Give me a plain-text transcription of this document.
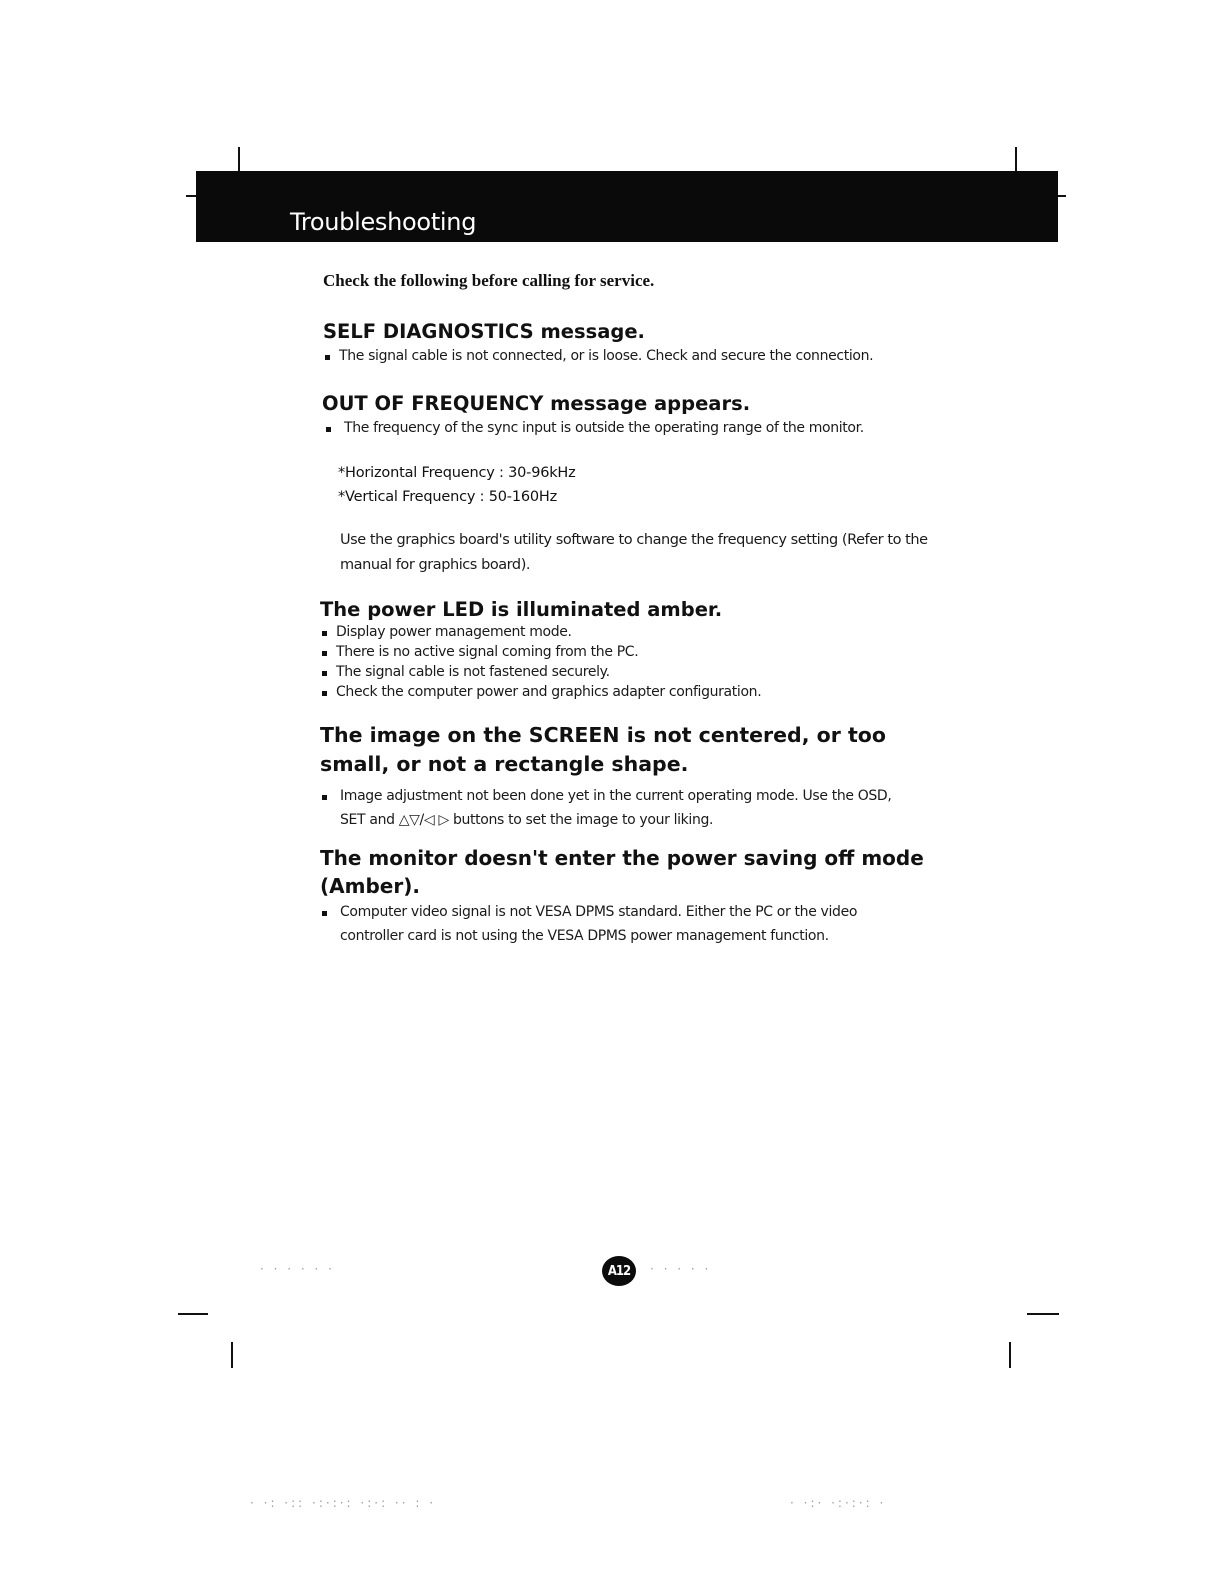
Troubleshooting
Check the following before calling for service.
SELF DIAGNOSTICS message.
The signal cable is not connected, or is loose. Check and secure the connection.
OUT OF FREQUENCY message appears.
The frequency of the sync input is outside the operating range of the monitor.
*Horizontal Frequency : 30-96kHz
*Vertical Frequency : 50-160Hz
Use the graphics board's utility software to change the frequency setting (Refer to the manual for graphics board).
The power LED is illuminated amber.
Display power management mode.
There is no active signal coming from the PC.
The signal cable is not fastened securely.
Check the computer power and graphics adapter configuration.
The image on the SCREEN is not centered, or too small, or not a rectangle shape.
Image adjustment not been done yet in the current operating mode. Use the OSD, SET and △▽/◁ ▷ buttons to set the image to your liking.
The monitor doesn't enter the power saving off mode (Amber).
Computer video signal is not VESA DPMS standard. Either the PC or the video controller card is not using the VESA DPMS power management function.
A12
· · · · · ·	· · · · ·
· ·: ·:: ·:·:·: ·:·: ·· : ·	· ·:· ·:·:·: ·
